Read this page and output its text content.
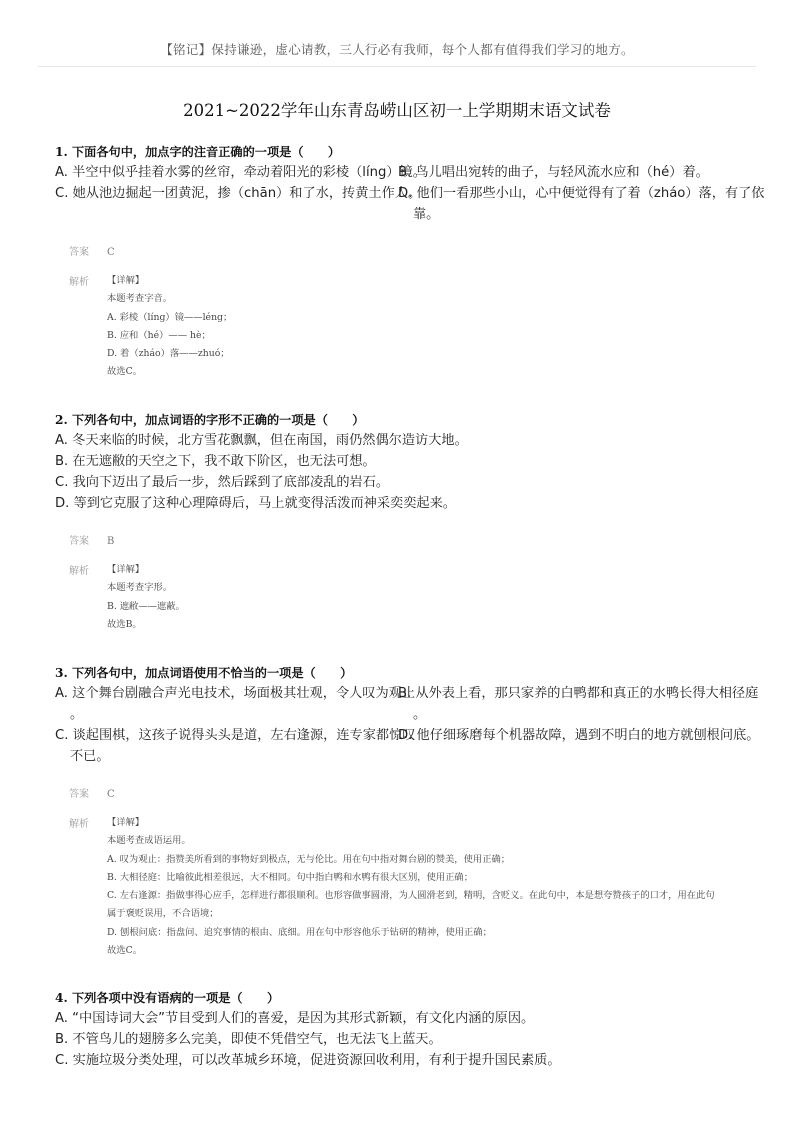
【铭记】保持谦逊，虚心请教，三人行必有我师，每个人都有值得我们学习的地方。
2021~2022学年山东青岛崂山区初一上学期期末语文试卷
1. 下面各句中，加点字的注音正确的一项是（　　）
A. 半空中似乎挂着水雾的丝帘，牵动着阳光的彩棱（líng）镜。
B. 鸟儿唱出宛转的曲子，与轻风流水应和（hé）着。
C. 她从池边掘起一团黄泥，掺（chān）和了水，抟黄土作人。
D. 他们一看那些小山，心中便觉得有了着（zháo）落，有了依
靠。
答案	C
解析	【详解】
本题考查字音。
A. 彩棱（líng）镜——léng；
B. 应和（hé）—— hè；
D. 着（zháo）落——zhuó；
故选C。
2. 下列各句中，加点词语的字形不正确的一项是（　　）
A. 冬天来临的时候，北方雪花飘飘，但在南国，雨仍然偶尔造访大地。
B. 在无遮敝的天空之下，我不敢下阶区，也无法可想。
C. 我向下迈出了最后一步，然后踩到了底部凌乱的岩石。
D. 等到它克服了这种心理障碍后，马上就变得活泼而神采奕奕起来。
答案	B
解析	【详解】
本题考查字形。
B. 遮敝——遮蔽。
故选B。
3. 下列各句中，加点词语使用不恰当的一项是（　　）
A. 这个舞台剧融合声光电技术，场面极其壮观，令人叹为观止
。
B. 从外表上看，那只家养的白鸭都和真正的水鸭长得大相径庭
。
C. 谈起围棋，这孩子说得头头是道，左右逢源，连专家都惊叹
不已。
D. 他仔细琢磨每个机器故障，遇到不明白的地方就刨根问底。
答案	C
解析	【详解】
本题考查成语运用。
A. 叹为观止：指赞美所看到的事物好到极点，无与伦比。用在句中指对舞台剧的赞美，使用正确；
B. 大相径庭：比喻彼此相差很远，大不相同。句中指白鸭和水鸭有很大区别，使用正确；
C. 左右逢源：指做事得心应手，怎样进行都很顺利。也形容做事圆滑，为人圆滑老到，精明，含贬义。在此句中，本是想夸赞孩子的口才，用在此句属于褒贬误用，不合语境；
D. 刨根问底：指盘问、追究事情的根由、底细。用在句中形容他乐于钻研的精神，使用正确；
故选C。
4. 下列各项中没有语病的一项是（　　）
A. “中国诗词大会”节目受到人们的喜爱，是因为其形式新颖，有文化内涵的原因。
B. 不管鸟儿的翅膀多么完美，即使不凭借空气，也无法飞上蓝天。
C. 实施垃圾分类处理，可以改革城乡环境，促进资源回收利用，有利于提升国民素质。
